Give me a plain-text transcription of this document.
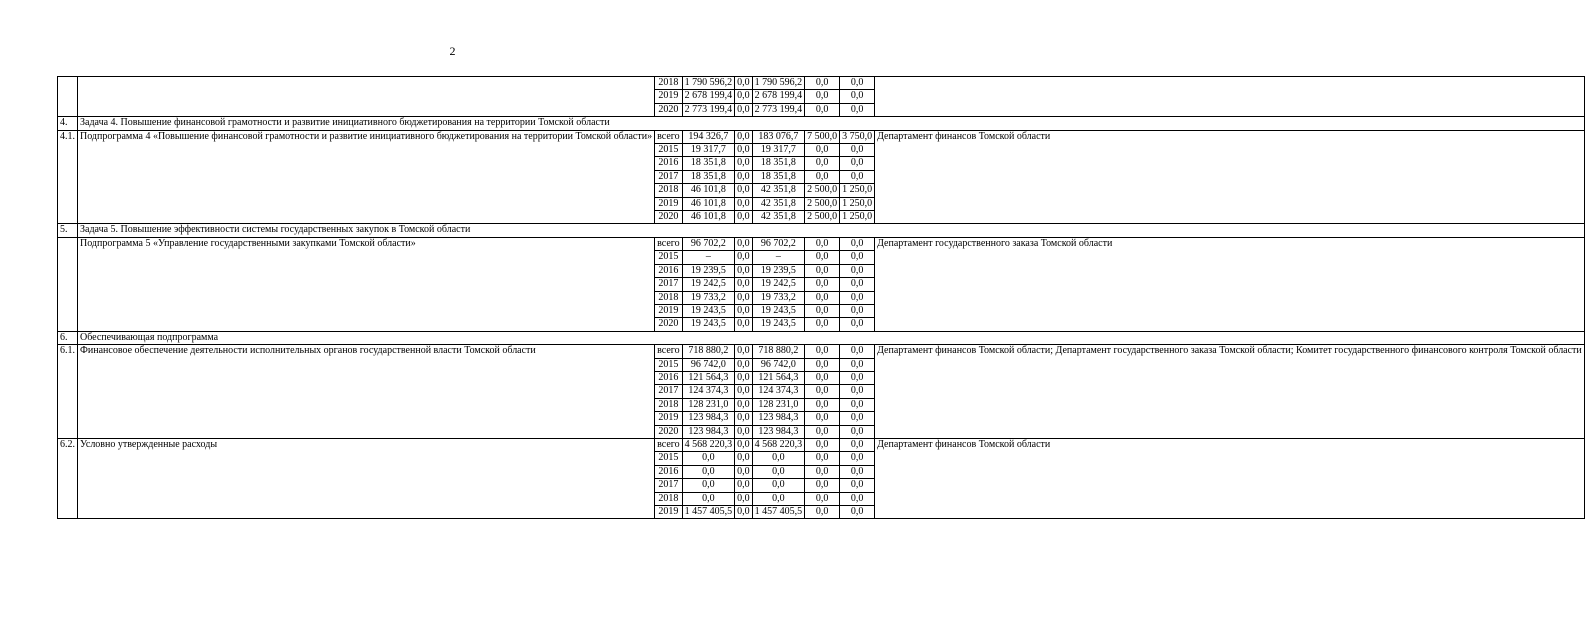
2
		2018	1 790 596,2	0,0	1 790 596,2	0,0	0,0	
		2019	2 678 199,4	0,0	2 678 199,4	0,0	0,0	
		2020	2 773 199,4	0,0	2 773 199,4	0,0	0,0	
4.	Задача 4. Повышение финансовой грамотности и развитие инициативного бюджетирования на территории Томской области							
4.1.	Подпрограмма 4 «Повышение финансовой грамотности и развитие инициативного бюджетирования на территории Томской области»	всего	194 326,7	0,0	183 076,7	7 500,0	3 750,0	Департамент финансов Томской области
		2015	19 317,7	0,0	19 317,7	0,0	0,0	
		2016	18 351,8	0,0	18 351,8	0,0	0,0	
		2017	18 351,8	0,0	18 351,8	0,0	0,0	
		2018	46 101,8	0,0	42 351,8	2 500,0	1 250,0	
		2019	46 101,8	0,0	42 351,8	2 500,0	1 250,0	
		2020	46 101,8	0,0	42 351,8	2 500,0	1 250,0	
5.	Задача 5. Повышение эффективности системы государственных закупок в Томской области							
	Подпрограмма 5 «Управление государственными закупками Томской области»	всего	96 702,2	0,0	96 702,2	0,0	0,0	Департамент государственного заказа Томской области
		2015	–	0,0	–	0,0	0,0	
		2016	19 239,5	0,0	19 239,5	0,0	0,0	
		2017	19 242,5	0,0	19 242,5	0,0	0,0	
		2018	19 733,2	0,0	19 733,2	0,0	0,0	
		2019	19 243,5	0,0	19 243,5	0,0	0,0	
		2020	19 243,5	0,0	19 243,5	0,0	0,0	
6.	Обеспечивающая подпрограмма							
6.1.	Финансовое обеспечение деятельности исполнительных органов государственной власти Томской области	всего	718 880,2	0,0	718 880,2	0,0	0,0	Департамент финансов Томской области; Департамент государственного заказа Томской области; Комитет государственного финансового контроля Томской области
		2015	96 742,0	0,0	96 742,0	0,0	0,0	
		2016	121 564,3	0,0	121 564,3	0,0	0,0	
		2017	124 374,3	0,0	124 374,3	0,0	0,0	
		2018	128 231,0	0,0	128 231,0	0,0	0,0	
		2019	123 984,3	0,0	123 984,3	0,0	0,0	
		2020	123 984,3	0,0	123 984,3	0,0	0,0	
6.2.	Условно утвержденные расходы	всего	4 568 220,3	0,0	4 568 220,3	0,0	0,0	Департамент финансов Томской области
		2015	0,0	0,0	0,0	0,0	0,0	
		2016	0,0	0,0	0,0	0,0	0,0	
		2017	0,0	0,0	0,0	0,0	0,0	
		2018	0,0	0,0	0,0	0,0	0,0	
		2019	1 457 405,5	0,0	1 457 405,5	0,0	0,0	
